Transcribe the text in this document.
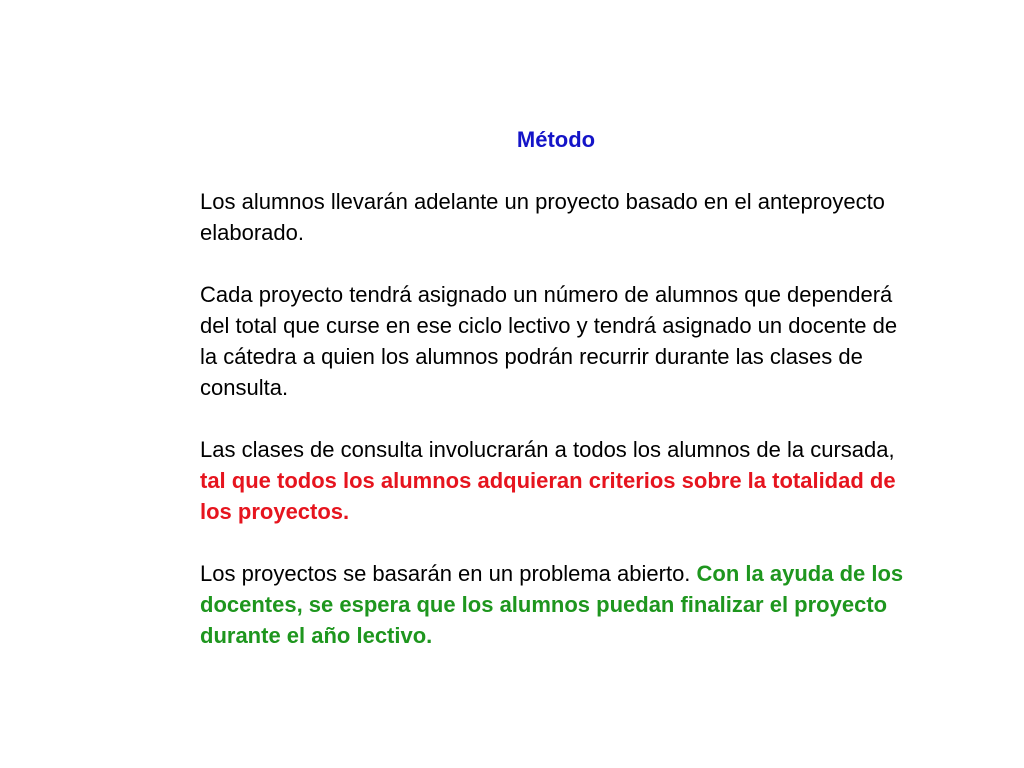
Método

Los alumnos llevarán adelante un proyecto basado en el anteproyecto elaborado.

Cada proyecto tendrá asignado un número de alumnos que dependerá del total que curse en ese ciclo lectivo y tendrá asignado un docente de la cátedra a quien los alumnos podrán recurrir durante las clases de consulta.

Las clases de consulta involucrarán a todos los alumnos de la cursada, tal que todos los alumnos adquieran criterios sobre la totalidad de los proyectos.

Los proyectos se basarán en un problema abierto. Con la ayuda de los docentes, se espera que los alumnos puedan finalizar el proyecto durante el año lectivo.
